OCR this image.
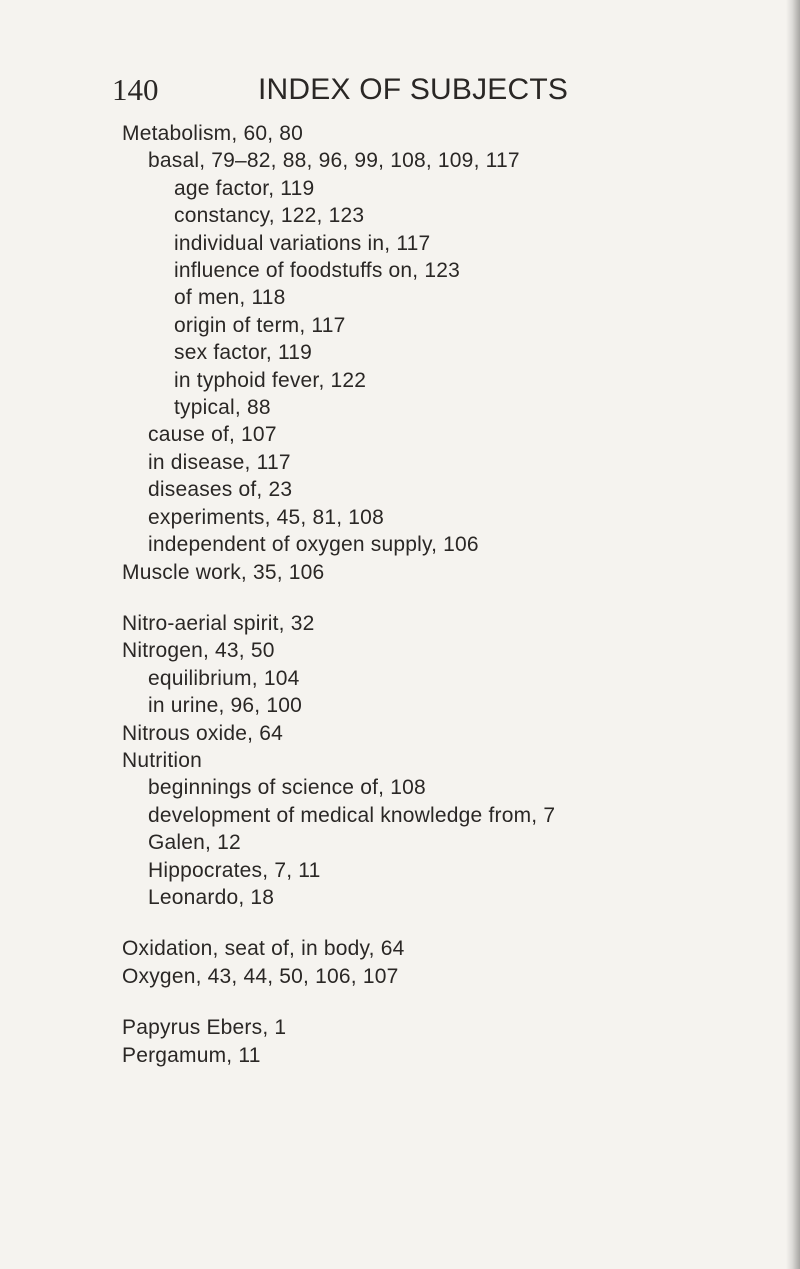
140	INDEX OF SUBJECTS
Metabolism, 60, 80
basal, 79–82, 88, 96, 99, 108, 109, 117
age factor, 119
constancy, 122, 123
individual variations in, 117
influence of foodstuffs on, 123
of men, 118
origin of term, 117
sex factor, 119
in typhoid fever, 122
typical, 88
cause of, 107
in disease, 117
diseases of, 23
experiments, 45, 81, 108
independent of oxygen supply, 106
Muscle work, 35, 106
Nitro-aerial spirit, 32
Nitrogen, 43, 50
equilibrium, 104
in urine, 96, 100
Nitrous oxide, 64
Nutrition
beginnings of science of, 108
development of medical knowledge from, 7
Galen, 12
Hippocrates, 7, 11
Leonardo, 18
Oxidation, seat of, in body, 64
Oxygen, 43, 44, 50, 106, 107
Papyrus Ebers, 1
Pergamum, 11
